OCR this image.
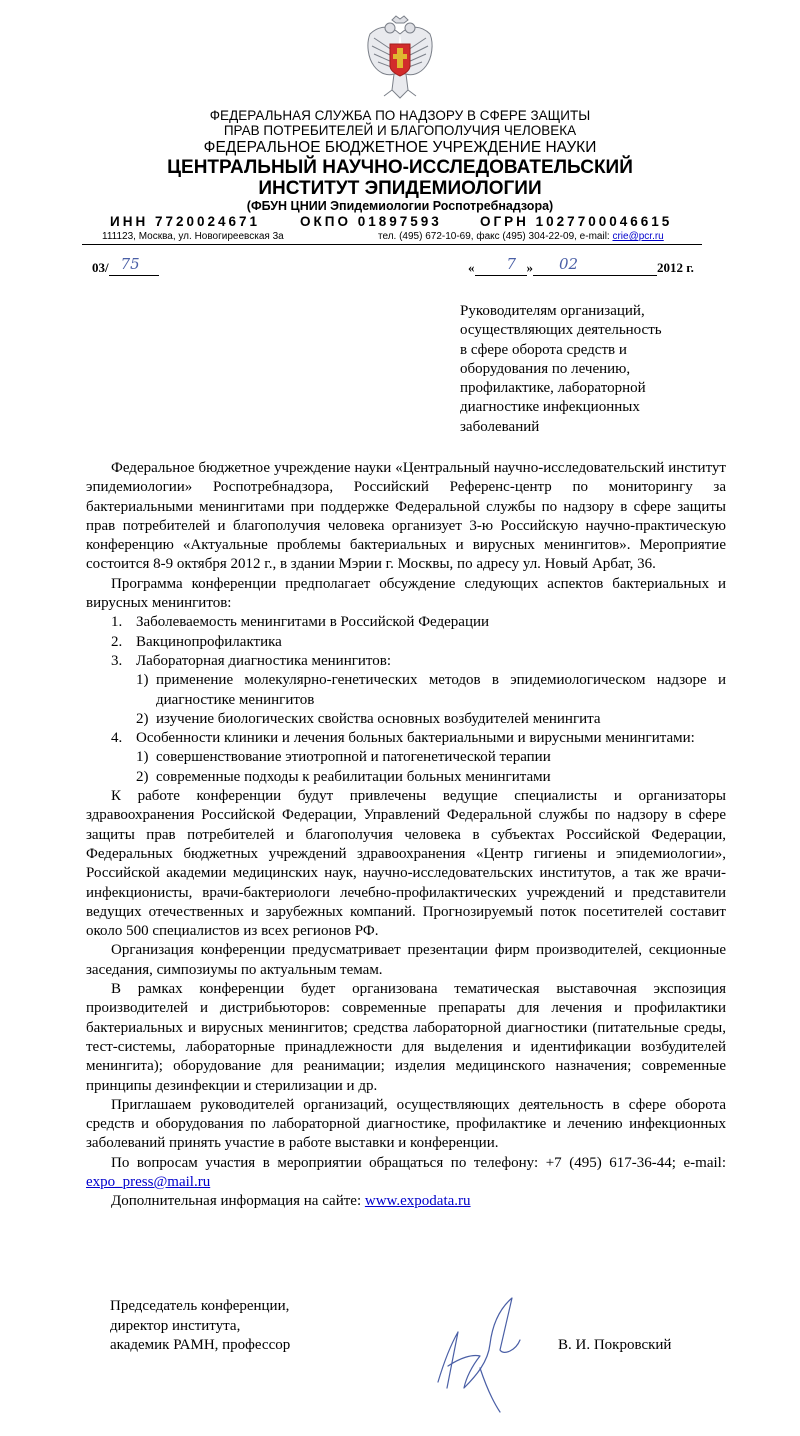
ФЕДЕРАЛЬНАЯ СЛУЖБА ПО НАДЗОРУ В СФЕРЕ ЗАЩИТЫ
ПРАВ ПОТРЕБИТЕЛЕЙ И БЛАГОПОЛУЧИЯ ЧЕЛОВЕКА
ФЕДЕРАЛЬНОЕ БЮДЖЕТНОЕ УЧРЕЖДЕНИЕ НАУКИ
ЦЕНТРАЛЬНЫЙ НАУЧНО-ИССЛЕДОВАТЕЛЬСКИЙ
ИНСТИТУТ ЭПИДЕМИОЛОГИИ
(ФБУН ЦНИИ Эпидемиологии Роспотребнадзора)
ИНН 7720024671	ОКПО 01897593	ОГРН 1027700046615
111123, Москва, ул. Новогиреевская 3а	тел. (495) 672-10-69, факс (495) 304-22-09, e-mail: crie@pcr.ru
03/ 75	« 7 » 02	2012 г.
Руководителям организаций,
осуществляющих деятельность
в сфере оборота средств и
оборудования по лечению,
профилактике, лабораторной
диагностике инфекционных
заболеваний

Федеральное бюджетное учреждение науки «Центральный научно-исследовательский институт эпидемиологии» Роспотребнадзора, Российский Референс-центр по мониторингу за бактериальными менингитами при поддержке Федеральной службы по надзору в сфере защиты прав потребителей и благополучия человека организует 3-ю Российскую научно-практическую конференцию «Актуальные проблемы бактериальных и вирусных менингитов». Мероприятие состоится 8-9 октября 2012 г., в здании Мэрии г. Москвы, по адресу ул. Новый Арбат, 36.

Программа конференции предполагает обсуждение следующих аспектов бактериальных и вирусных менингитов:

1. Заболеваемость менингитами в Российской Федерации
2. Вакцинопрофилактика
3. Лабораторная диагностика менингитов:
1) применение молекулярно-генетических методов в эпидемиологическом надзоре и диагностике менингитов
2) изучение биологических свойства основных возбудителей менингита
4. Особенности клиники и лечения больных бактериальными и вирусными менингитами:
1) совершенствование этиотропной и патогенетической терапии
2) современные подходы к реабилитации больных менингитами

К работе конференции будут привлечены ведущие специалисты и организаторы здравоохранения Российской Федерации, Управлений Федеральной службы по надзору в сфере защиты прав потребителей и благополучия человека в субъектах Российской Федерации, Федеральных бюджетных учреждений здравоохранения «Центр гигиены и эпидемиологии», Российской академии медицинских наук, научно-исследовательских институтов, а так же врачи-инфекционисты, врачи-бактериологи лечебно-профилактических учреждений и представители ведущих отечественных и зарубежных компаний. Прогнозируемый поток посетителей составит около 500 специалистов из всех регионов РФ.

Организация конференции предусматривает презентации фирм производителей, секционные заседания, симпозиумы по актуальным темам.

В рамках конференции будет организована тематическая выставочная экспозиция производителей и дистрибьюторов: современные препараты для лечения и профилактики бактериальных и вирусных менингитов; средства лабораторной диагностики (питательные среды, тест-системы, лабораторные принадлежности для выделения и идентификации возбудителей менингита); оборудование для реанимации; изделия медицинского назначения; современные принципы дезинфекции и стерилизации и др.

Приглашаем руководителей организаций, осуществляющих деятельность в сфере оборота средств и оборудования по лабораторной диагностике, профилактике и лечению инфекционных заболеваний принять участие в работе выставки и конференции.

По вопросам участия в мероприятии обращаться по телефону: +7 (495) 617-36-44; e-mail: expo_press@mail.ru

Дополнительная информация на сайте: www.expodata.ru

Председатель конференции,
директор института,
академик РАМН, профессор	В. И. Покровский
